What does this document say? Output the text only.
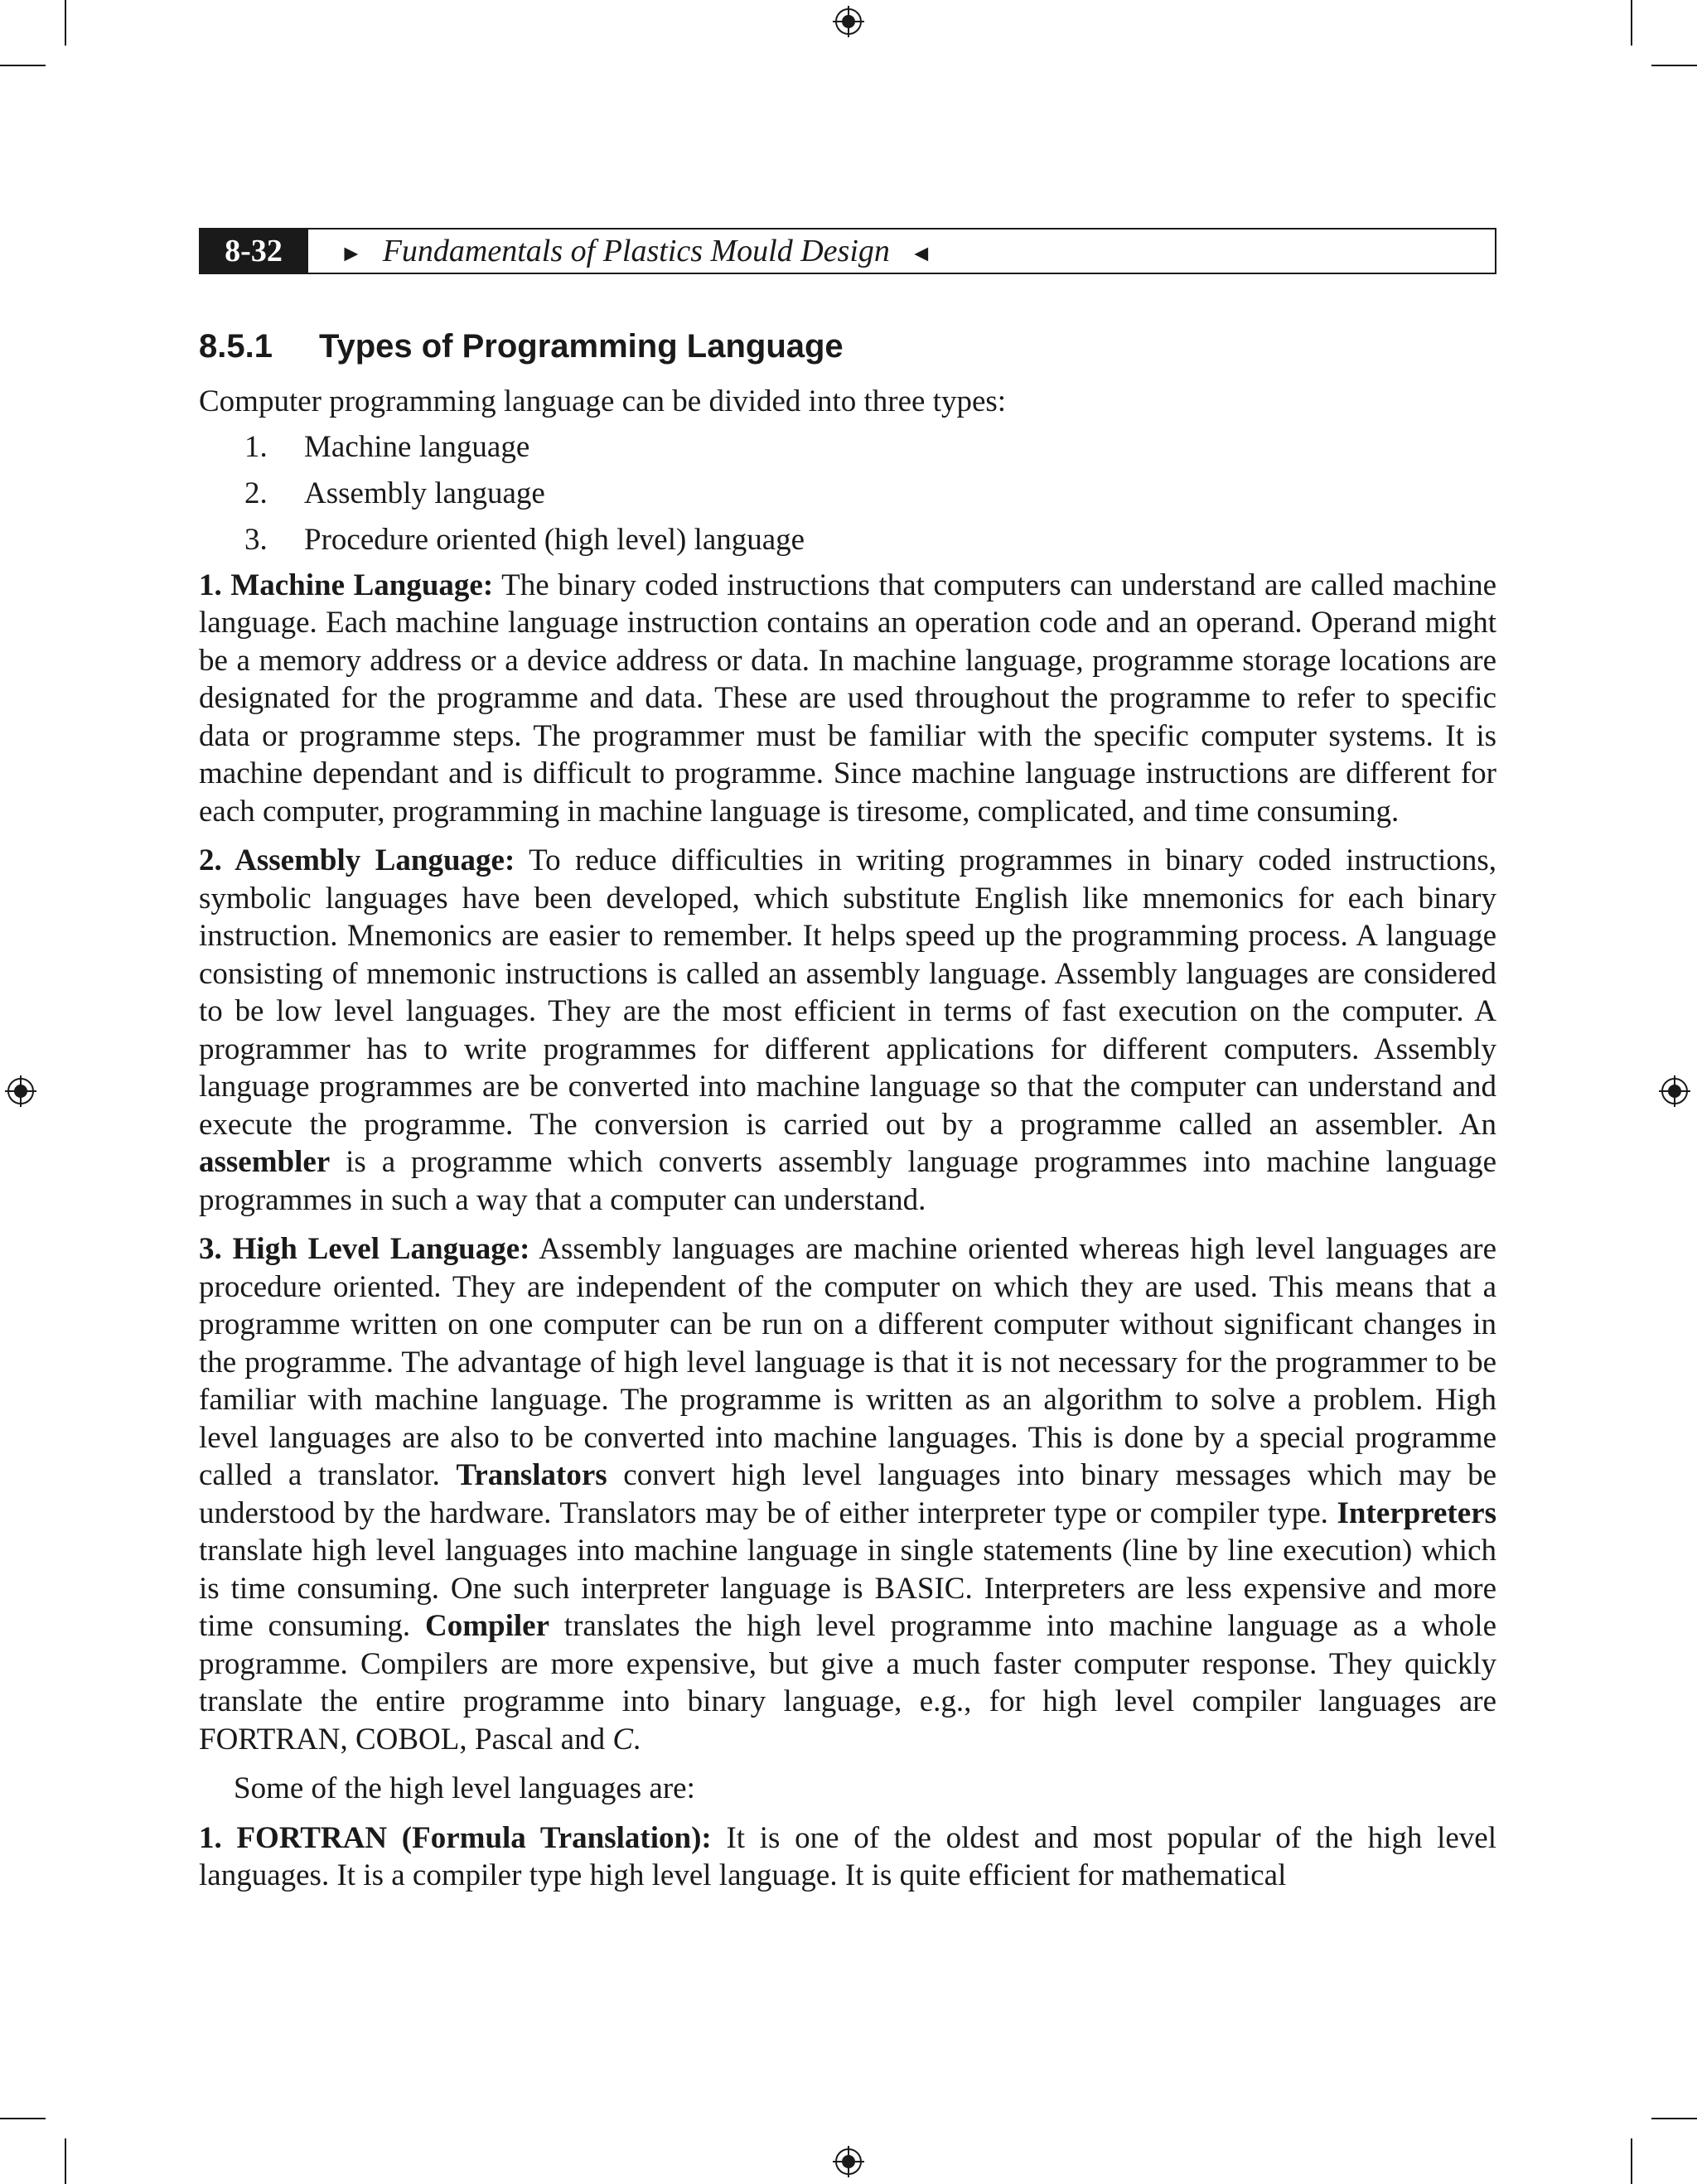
8-32	► Fundamentals of Plastics Mould Design ◄
8.5.1 Types of Programming Language

Computer programming language can be divided into three types:

1. Machine language
2. Assembly language
3. Procedure oriented (high level) language

1. Machine Language: The binary coded instructions that computers can understand are called machine language. Each machine language instruction contains an operation code and an operand. Operand might be a memory address or a device address or data. In machine language, programme storage locations are designated for the programme and data. These are used throughout the programme to refer to specific data or programme steps. The programmer must be familiar with the specific computer systems. It is machine dependant and is difficult to programme. Since machine language instructions are different for each computer, programming in machine language is tiresome, complicated, and time consuming.

2. Assembly Language: To reduce difficulties in writing programmes in binary coded instructions, symbolic languages have been developed, which substitute English like mnemonics for each binary instruction. Mnemonics are easier to remember. It helps speed up the programming process. A language consisting of mnemonic instructions is called an assembly language. Assembly languages are considered to be low level languages. They are the most efficient in terms of fast execution on the computer. A programmer has to write programmes for different applications for different computers. Assembly language programmes are be converted into machine language so that the computer can understand and execute the programme. The conversion is carried out by a programme called an assembler. An assembler is a programme which converts assembly language programmes into machine language programmes in such a way that a computer can understand.

3. High Level Language: Assembly languages are machine oriented whereas high level languages are procedure oriented. They are independent of the computer on which they are used. This means that a programme written on one computer can be run on a different computer without significant changes in the programme. The advantage of high level language is that it is not necessary for the programmer to be familiar with machine language. The programme is written as an algorithm to solve a problem. High level languages are also to be converted into machine languages. This is done by a special programme called a translator. Translators convert high level languages into binary messages which may be understood by the hardware. Translators may be of either interpreter type or compiler type. Interpreters translate high level languages into machine language in single statements (line by line execution) which is time consuming. One such interpreter language is BASIC. Interpreters are less expensive and more time consuming. Compiler translates the high level programme into machine language as a whole programme. Compilers are more expensive, but give a much faster computer response. They quickly translate the entire programme into binary language, e.g., for high level compiler languages are FORTRAN, COBOL, Pascal and C.

Some of the high level languages are:

1. FORTRAN (Formula Translation): It is one of the oldest and most popular of the high level languages. It is a compiler type high level language. It is quite efficient for mathematical
